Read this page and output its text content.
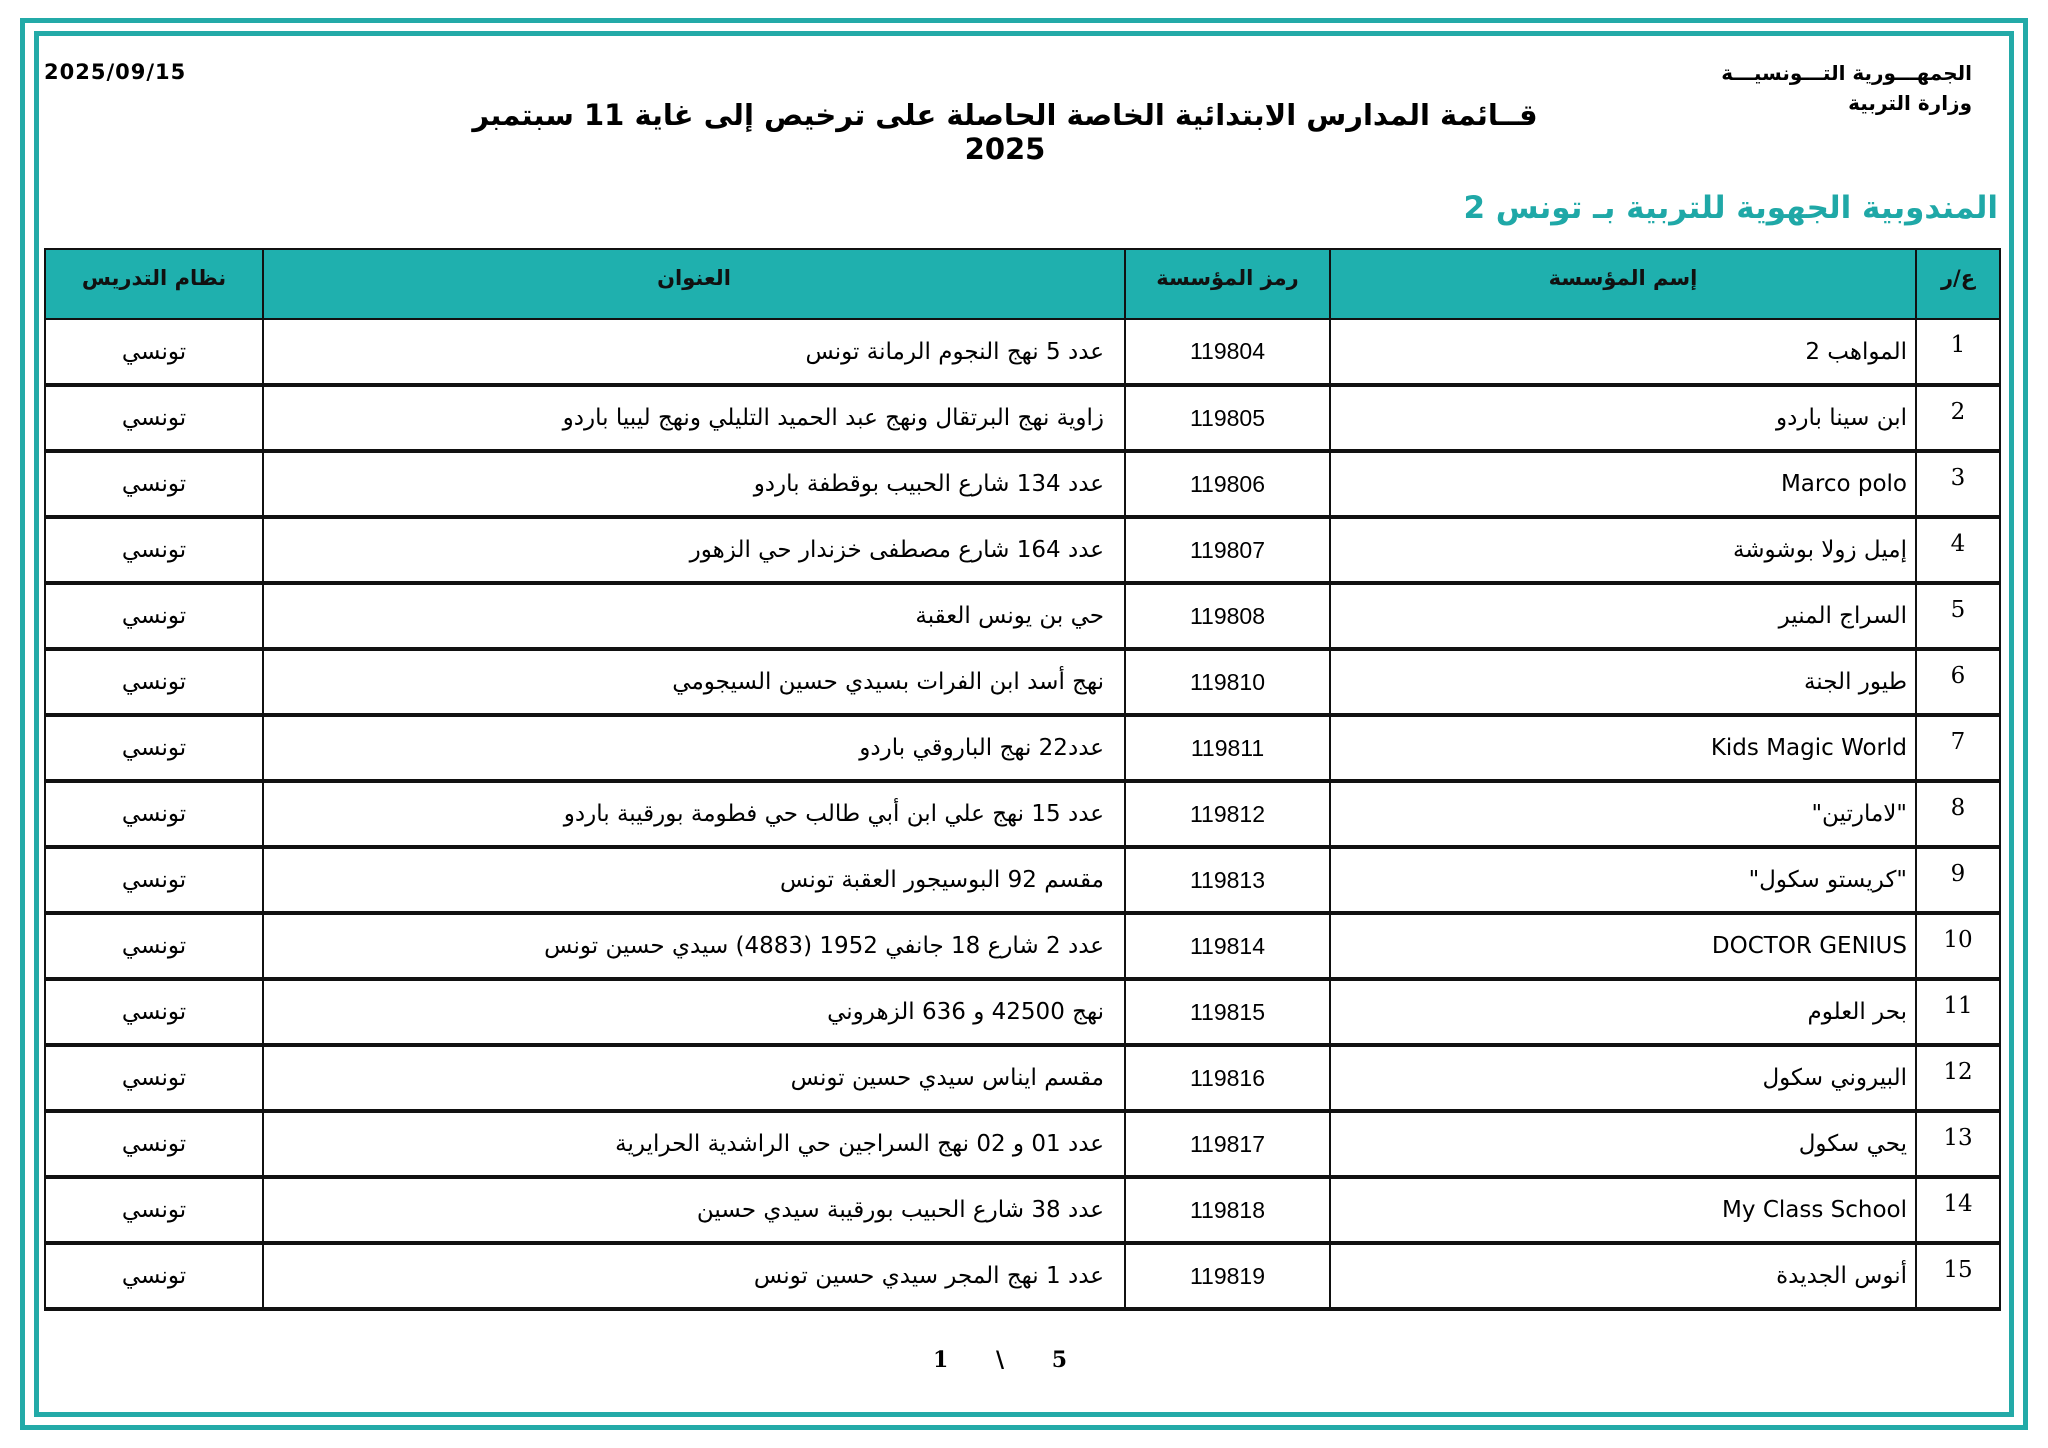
2025/09/15	الجمهـــورية التـــونسيـــة
وزارة التربية
قــائمة المدارس الابتدائية الخاصة الحاصلة على ترخيص إلى غاية 11 سبتمبر 2025
المندوبية الجهوية للتربية بـ تونس 2
ع/ر	إسم المؤسسة	رمز المؤسسة	العنوان	نظام التدريس
1	المواهب 2	119804	عدد 5 نهج النجوم الرمانة تونس	تونسي
2	ابن سينا باردو	119805	زاوية نهج البرتقال ونهج عبد الحميد التليلي ونهج ليبيا باردو	تونسي
3	Marco polo	119806	عدد 134 شارع الحبيب بوقطفة باردو	تونسي
4	إميل زولا بوشوشة	119807	عدد 164 شارع مصطفى خزندار حي الزهور	تونسي
5	السراج المنير	119808	حي بن يونس العقبة	تونسي
6	طيور الجنة	119810	نهج أسد ابن الفرات بسيدي حسين السيجومي	تونسي
7	Kids Magic World	119811	عدد22 نهج الباروقي باردو	تونسي
8	"لامارتين"	119812	عدد 15 نهج علي ابن أبي طالب حي فطومة بورقيبة باردو	تونسي
9	"كريستو سكول"	119813	مقسم 92 البوسيجور العقبة تونس	تونسي
10	DOCTOR GENIUS	119814	عدد 2 شارع 18 جانفي 1952 (4883) سيدي حسين تونس	تونسي
11	بحر العلوم	119815	نهج 42500 و 636 الزهروني	تونسي
12	البيروني سكول	119816	مقسم ايناس سيدي حسين تونس	تونسي
13	يحي سكول	119817	عدد 01 و 02 نهج السراجين حي الراشدية الحرايرية	تونسي
14	My Class School	119818	عدد 38 شارع الحبيب بورقيبة سيدي حسين	تونسي
15	أنوس الجديدة	119819	عدد 1 نهج المجر سيدي حسين تونس	تونسي
1 \ 5
